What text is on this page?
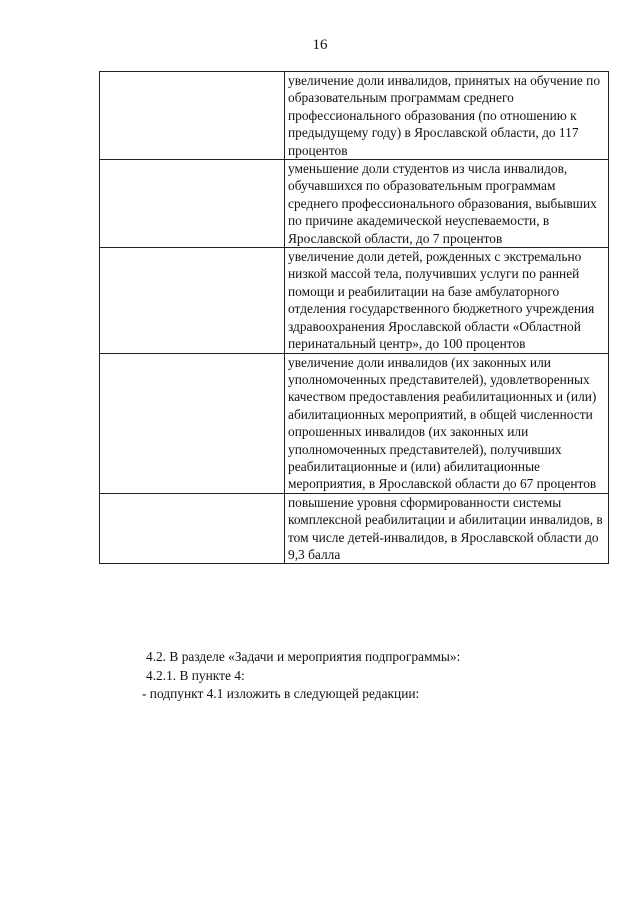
16
	увеличение доли инвалидов, принятых на обучение по образовательным программам среднего профессионального образования (по отношению к предыдущему году) в Ярославской области, до 117 процентов
	уменьшение доли студентов из числа инвалидов, обучавшихся по образовательным программам среднего профессионального образования, выбывших по причине академической неуспеваемости, в Ярославской области, до 7 процентов
	увеличение доли детей, рожденных с экстремально низкой массой тела, получивших услуги по ранней помощи и реабилитации на базе амбулаторного отделения государственного бюджетного учреждения здравоохранения Ярославской области «Областной перинатальный центр», до 100 процентов
	увеличение доли инвалидов (их законных или уполномоченных представителей), удовлетворенных качеством предоставления реабилитационных и (или) абилитационных мероприятий, в общей численности опрошенных инвалидов (их законных или уполномоченных представителей), получивших реабилитационные и (или) абилитационные мероприятия, в Ярославской области до 67 процентов
	повышение уровня сформированности системы комплексной реабилитации и абилитации инвалидов, в том числе детей-инвалидов, в Ярославской области до 9,3 балла

4.2. В разделе «Задачи и мероприятия подпрограммы»:

4.2.1. В пункте 4:

- подпункт 4.1 изложить в следующей редакции:
